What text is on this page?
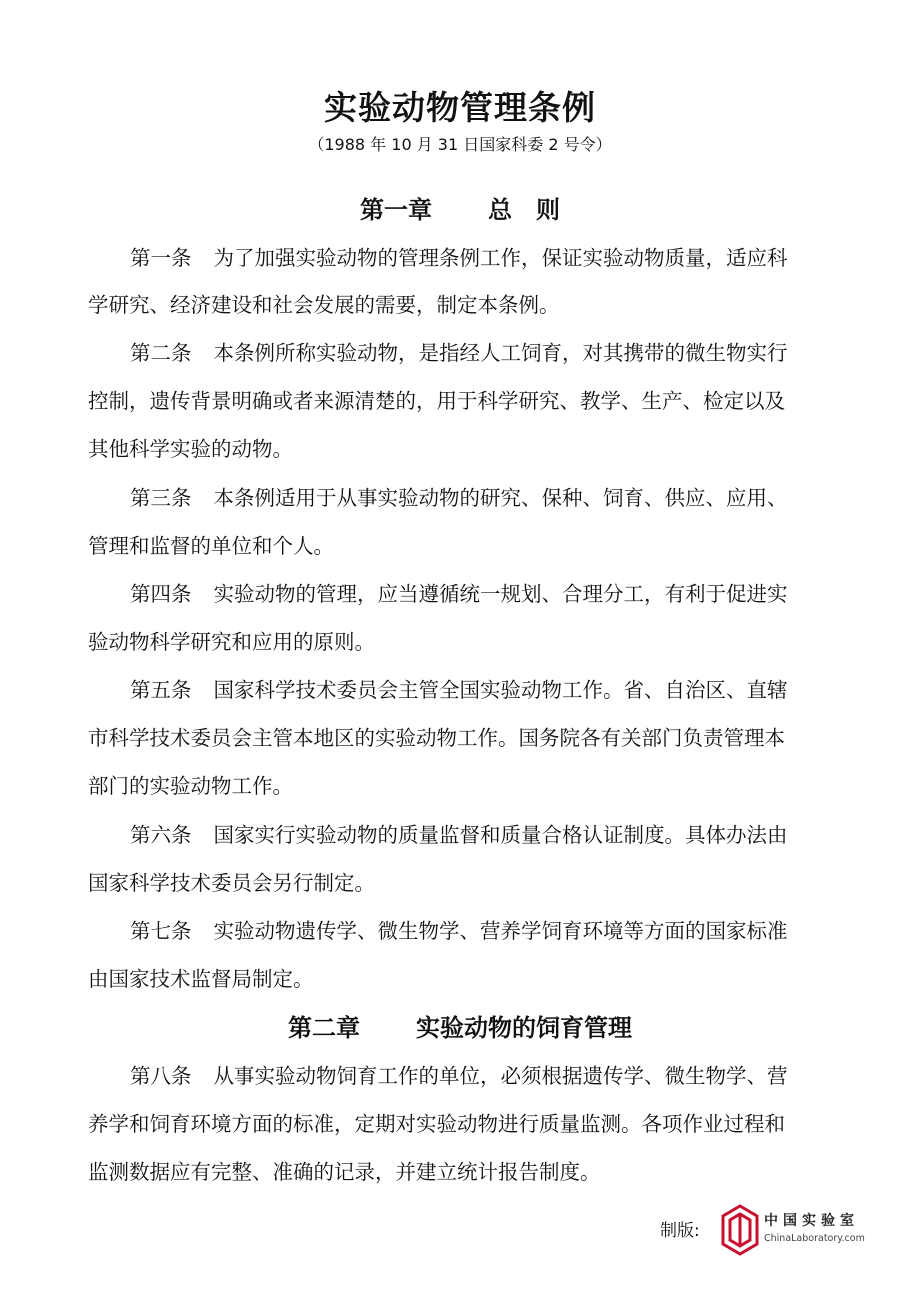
实验动物管理条例
（1988 年 10 月 31 日国家科委 2 号令）
第一章 总　则
第一条 为了加强实验动物的管理条例工作，保证实验动物质量，适应科
学研究、经济建设和社会发展的需要，制定本条例。
第二条 本条例所称实验动物，是指经人工饲育，对其携带的微生物实行
控制，遗传背景明确或者来源清楚的，用于科学研究、教学、生产、检定以及
其他科学实验的动物。
第三条 本条例适用于从事实验动物的研究、保种、饲育、供应、应用、
管理和监督的单位和个人。
第四条 实验动物的管理，应当遵循统一规划、合理分工，有利于促进实
验动物科学研究和应用的原则。
第五条 国家科学技术委员会主管全国实验动物工作。省、自治区、直辖
市科学技术委员会主管本地区的实验动物工作。国务院各有关部门负责管理本
部门的实验动物工作。
第六条 国家实行实验动物的质量监督和质量合格认证制度。具体办法由
国家科学技术委员会另行制定。
第七条 实验动物遗传学、微生物学、营养学饲育环境等方面的国家标准
由国家技术监督局制定。
第二章 实验动物的饲育管理
第八条 从事实验动物饲育工作的单位，必须根据遗传学、微生物学、营
养学和饲育环境方面的标准，定期对实验动物进行质量监测。各项作业过程和
监测数据应有完整、准确的记录，并建立统计报告制度。
制版:	中国实验室
ChinaLaboratory.com
